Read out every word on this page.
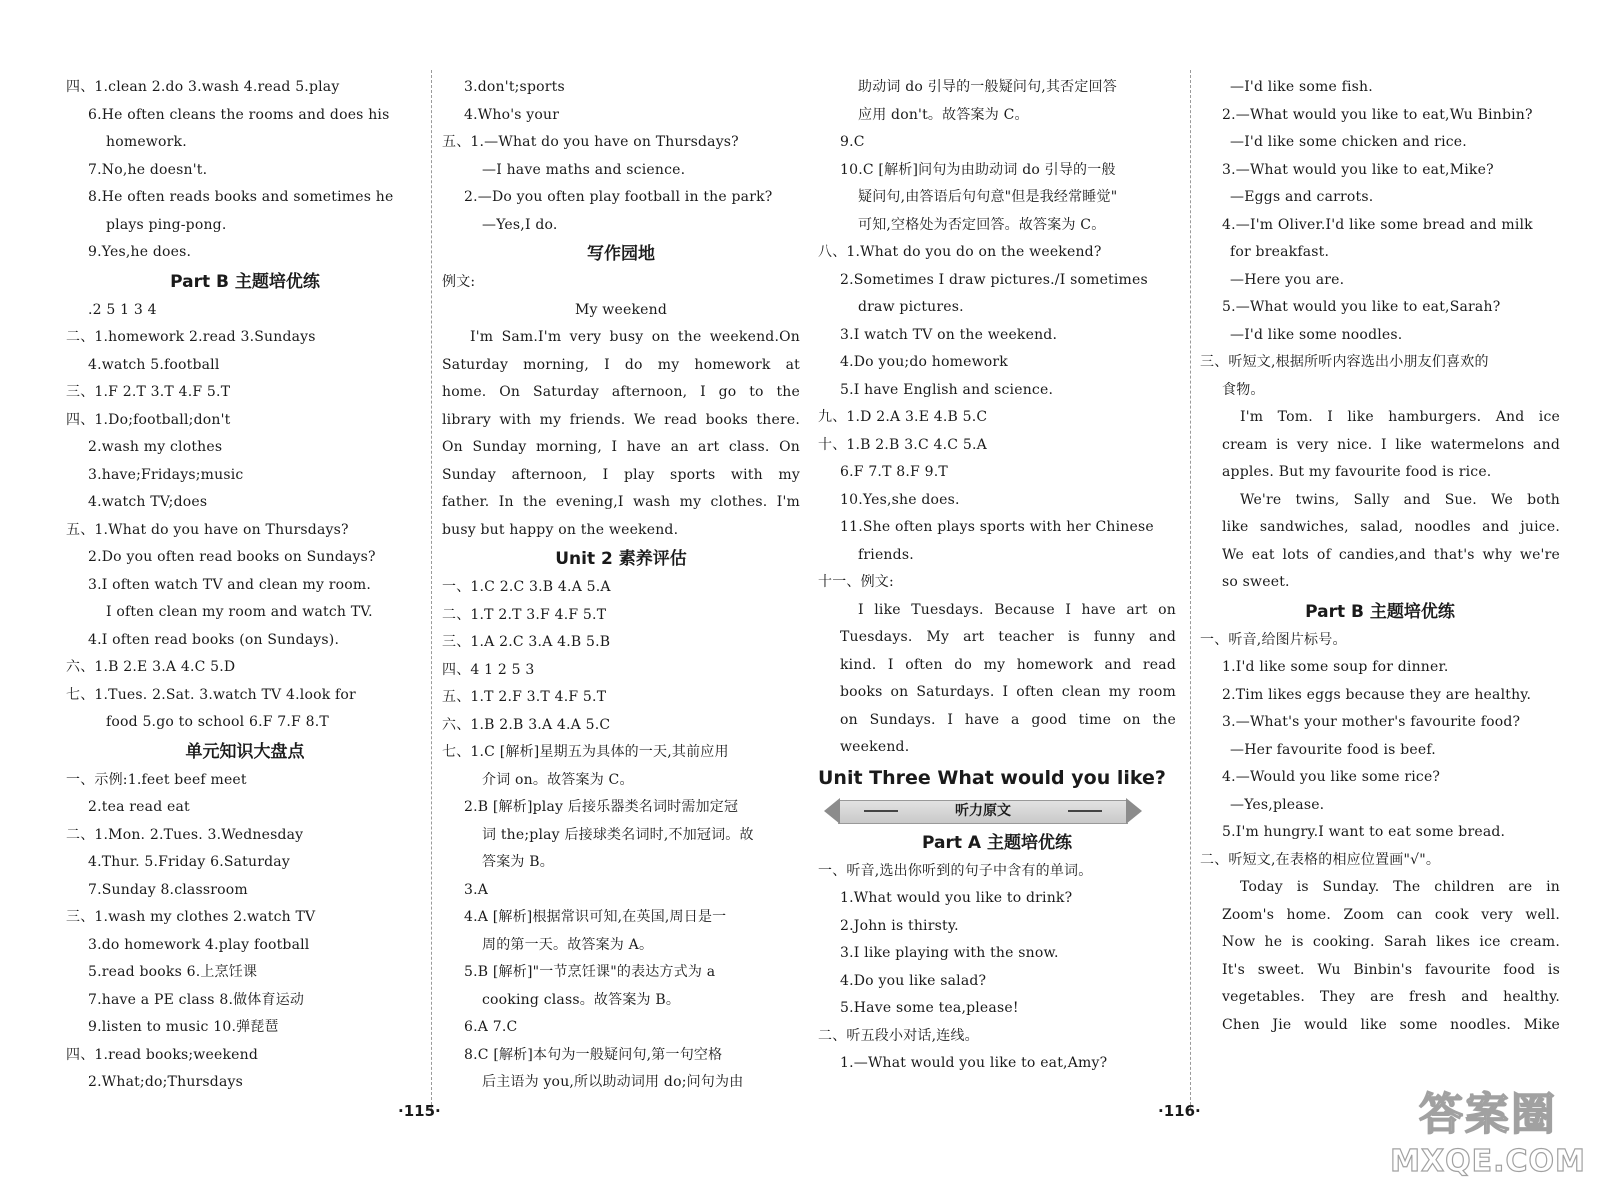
四、1.clean 2.do 3.wash 4.read 5.play
6.He often cleans the rooms and does his
homework.
7.No,he doesn't.
8.He often reads books and sometimes he
plays ping-pong.
9.Yes,he does.
Part B 主题培优练
.2 5 1 3 4
二、1.homework 2.read 3.Sundays
4.watch 5.football
三、1.F 2.T 3.T 4.F 5.T
四、1.Do;football;don't
2.wash my clothes
3.have;Fridays;music
4.watch TV;does
五、1.What do you have on Thursdays?
2.Do you often read books on Sundays?
3.I often watch TV and clean my room.
I often clean my room and watch TV.
4.I often read books (on Sundays).
六、1.B 2.E 3.A 4.C 5.D
七、1.Tues. 2.Sat. 3.watch TV 4.look for
food 5.go to school 6.F 7.F 8.T
单元知识大盘点
一、示例:1.feet beef meet
2.tea read eat
二、1.Mon. 2.Tues. 3.Wednesday
4.Thur. 5.Friday 6.Saturday
7.Sunday 8.classroom
三、1.wash my clothes 2.watch TV
3.do homework 4.play football
5.read books 6.上烹饪课
7.have a PE class 8.做体育运动
9.listen to music 10.弹琵琶
四、1.read books;weekend
2.What;do;Thursdays
3.don't;sports
4.Who's your
五、1.—What do you have on Thursdays?
—I have maths and science.
2.—Do you often play football in the park?
—Yes,I do.
写作园地
例文:
My weekend
I'm Sam.I'm very busy on the weekend.On
Saturday morning, I do my homework at
home. On Saturday afternoon, I go to the
library with my friends. We read books there.
On Sunday morning, I have an art class. On
Sunday afternoon, I play sports with my
father. In the evening,I wash my clothes. I'm
busy but happy on the weekend.
Unit 2 素养评估
一、1.C 2.C 3.B 4.A 5.A
二、1.T 2.T 3.F 4.F 5.T
三、1.A 2.C 3.A 4.B 5.B
四、4 1 2 5 3
五、1.T 2.F 3.T 4.F 5.T
六、1.B 2.B 3.A 4.A 5.C
七、1.C [解析]星期五为具体的一天,其前应用
介词 on。故答案为 C。
2.B [解析]play 后接乐器类名词时需加定冠
词 the;play 后接球类名词时,不加冠词。故
答案为 B。
3.A
4.A [解析]根据常识可知,在英国,周日是一
周的第一天。故答案为 A。
5.B [解析]"一节烹饪课"的表达方式为 a
cooking class。故答案为 B。
6.A 7.C
8.C [解析]本句为一般疑问句,第一句空格
后主语为 you,所以助动词用 do;问句为由
助动词 do 引导的一般疑问句,其否定回答
应用 don't。故答案为 C。
9.C
10.C [解析]问句为由助动词 do 引导的一般
疑问句,由答语后句句意"但是我经常睡觉"
可知,空格处为否定回答。故答案为 C。
八、1.What do you do on the weekend?
2.Sometimes I draw pictures./I sometimes
draw pictures.
3.I watch TV on the weekend.
4.Do you;do homework
5.I have English and science.
九、1.D 2.A 3.E 4.B 5.C
十、1.B 2.B 3.C 4.C 5.A
6.F 7.T 8.F 9.T
10.Yes,she does.
11.She often plays sports with her Chinese
friends.
十一、例文:
I like Tuesdays. Because I have art on
Tuesdays. My art teacher is funny and
kind. I often do my homework and read
books on Saturdays. I often clean my room
on Sundays. I have a good time on the
weekend.
Unit Three What would you like?
听力原文
Part A 主题培优练
一、听音,选出你听到的句子中含有的单词。
1.What would you like to drink?
2.John is thirsty.
3.I like playing with the snow.
4.Do you like salad?
5.Have some tea,please!
二、听五段小对话,连线。
1.—What would you like to eat,Amy?
—I'd like some fish.
2.—What would you like to eat,Wu Binbin?
—I'd like some chicken and rice.
3.—What would you like to eat,Mike?
—Eggs and carrots.
4.—I'm Oliver.I'd like some bread and milk
for breakfast.
—Here you are.
5.—What would you like to eat,Sarah?
—I'd like some noodles.
三、听短文,根据所听内容选出小朋友们喜欢的
食物。
I'm Tom. I like hamburgers. And ice
cream is very nice. I like watermelons and
apples. But my favourite food is rice.
We're twins, Sally and Sue. We both
like sandwiches, salad, noodles and juice.
We eat lots of candies,and that's why we're
so sweet.
Part B 主题培优练
一、听音,给图片标号。
1.I'd like some soup for dinner.
2.Tim likes eggs because they are healthy.
3.—What's your mother's favourite food?
—Her favourite food is beef.
4.—Would you like some rice?
—Yes,please.
5.I'm hungry.I want to eat some bread.
二、听短文,在表格的相应位置画"√"。
Today is Sunday. The children are in
Zoom's home. Zoom can cook very well.
Now he is cooking. Sarah likes ice cream.
It's sweet. Wu Binbin's favourite food is
vegetables. They are fresh and healthy.
Chen Jie would like some noodles. Mike
·115·	·116·	答案圈
MXQE.COM
